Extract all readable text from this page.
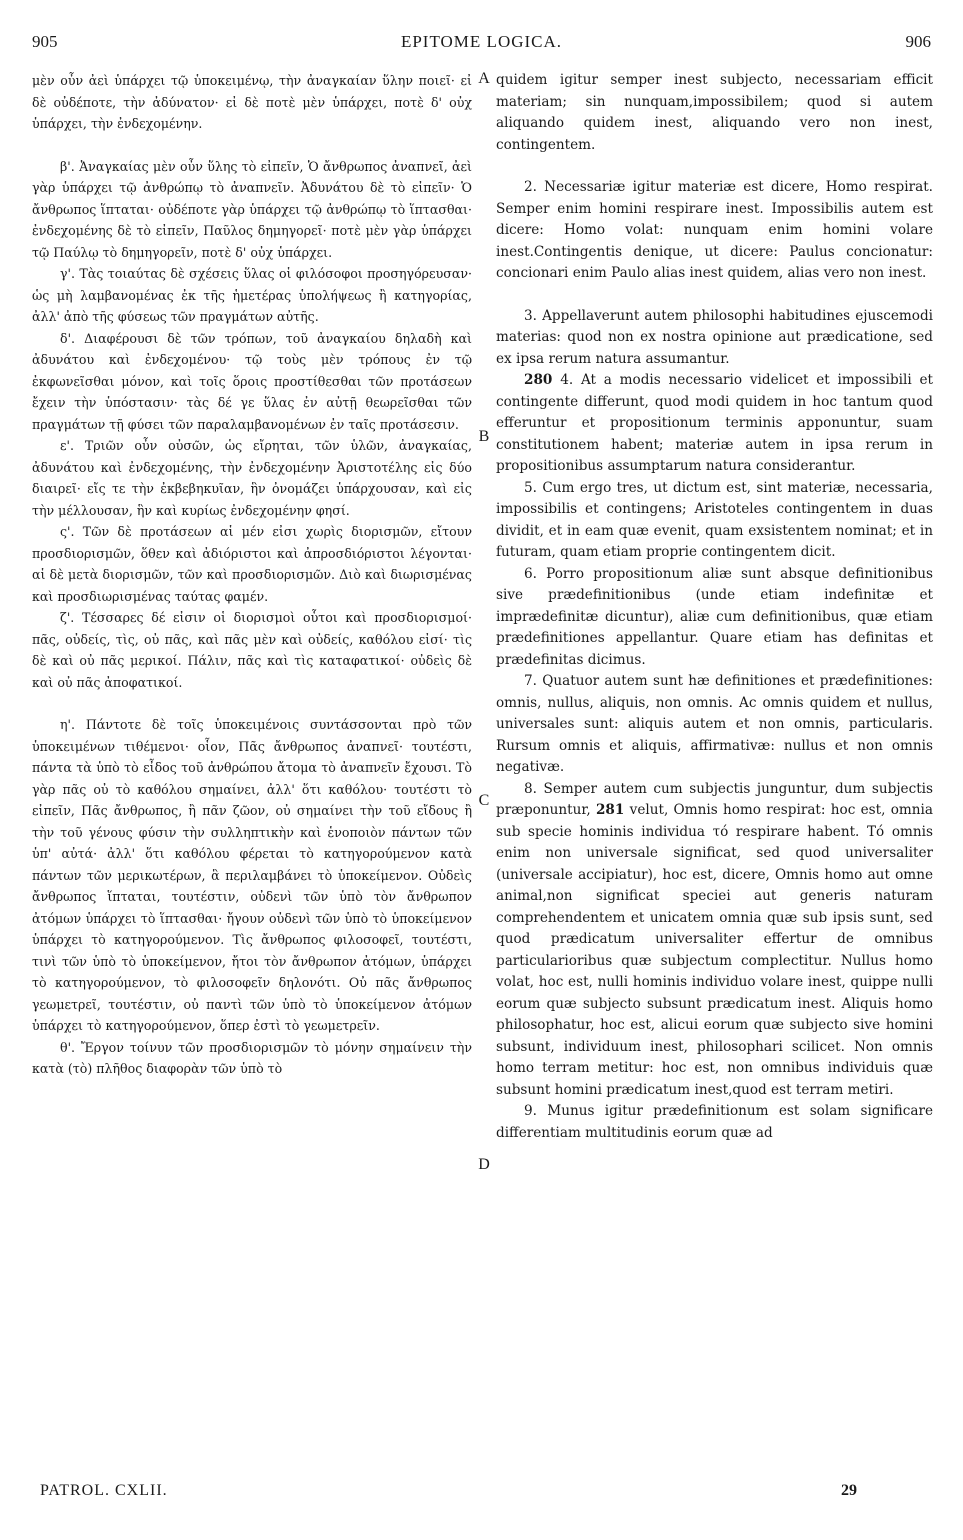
905	EPITOME LOGICA.	906

μὲν οὖν ἀεὶ ὑπάρχει τῷ ὑποκειμένῳ, τὴν ἀναγκαίαν ὕλην ποιεῖ· εἰ δὲ οὐδέποτε, τὴν ἀδύνατον· εἰ δὲ ποτὲ μὲν ὑπάρχει, ποτὲ δ' οὐχ ὑπάρχει, τὴν ἐνδεχομένην.

β'. Ἀναγκαίας μὲν οὖν ὕλης τὸ εἰπεῖν, Ὁ ἄνθρωπος ἀναπνεῖ, ἀεὶ γὰρ ὑπάρχει τῷ ἀνθρώπῳ τὸ ἀναπνεῖν. Ἀδυνάτου δὲ τὸ εἰπεῖν· Ὁ ἄνθρωπος ἵπταται· οὐδέποτε γὰρ ὑπάρχει τῷ ἀνθρώπῳ τὸ ἵπτασθαι· ἐνδεχομένης δὲ τὸ εἰπεῖν, Παῦλος δημηγορεῖ· ποτὲ μὲν γὰρ ὑπάρχει τῷ Παύλῳ τὸ δημηγορεῖν, ποτὲ δ' οὐχ ὑπάρχει.

γ'. Τὰς τοιαύτας δὲ σχέσεις ὕλας οἱ φιλόσοφοι προσηγόρευσαν· ὡς μὴ λαμβανομένας ἐκ τῆς ἡμετέρας ὑπολήψεως ἢ κατηγορίας, ἀλλ' ἀπὸ τῆς φύσεως τῶν πραγμάτων αὐτῆς.

δ'. Διαφέρουσι δὲ τῶν τρόπων, τοῦ ἀναγκαίου δηλαδὴ καὶ ἀδυνάτου καὶ ἐνδεχομένου· τῷ τοὺς μὲν τρόπους ἐν τῷ ἐκφωνεῖσθαι μόνον, καὶ τοῖς ὅροις προστίθεσθαι τῶν προτάσεων ἔχειν τὴν ὑπόστασιν· τὰς δέ γε ὕλας ἐν αὐτῇ θεωρεῖσθαι τῶν πραγμάτων τῇ φύσει τῶν παραλαμβανομένων ἐν ταῖς προτάσεσιν.

ε'. Τριῶν οὖν οὐσῶν, ὡς εἴρηται, τῶν ὑλῶν, ἀναγκαίας, ἀδυνάτου καὶ ἐνδεχομένης, τὴν ἐνδεχομένην Ἀριστοτέλης εἰς δύο διαιρεῖ· εἴς τε τὴν ἐκβεβηκυῖαν, ἣν ὀνομάζει ὑπάρχουσαν, καὶ εἰς τὴν μέλλουσαν, ἣν καὶ κυρίως ἐνδεχομένην φησί.

ς'. Τῶν δὲ προτάσεων αἱ μέν εἰσι χωρὶς διορισμῶν, εἴτουν προσδιορισμῶν, ὅθεν καὶ ἀδιόριστοι καὶ ἀπροσδιόριστοι λέγονται· αἱ δὲ μετὰ διορισμῶν, τῶν καὶ προσδιορισμῶν. Διὸ καὶ διωρισμένας καὶ προσδιωρισμένας ταύτας φαμέν.

ζ'. Τέσσαρες δέ εἰσιν οἱ διορισμοὶ οὗτοι καὶ προσδιορισμοί· πᾶς, οὐδείς, τὶς, οὐ πᾶς, καὶ πᾶς μὲν καὶ οὐδείς, καθόλου εἰσί· τὶς δὲ καὶ οὐ πᾶς μερικοί. Πάλιν, πᾶς καὶ τὶς καταφατικοί· οὐδεὶς δὲ καὶ οὐ πᾶς ἀποφατικοί.

η'. Πάντοτε δὲ τοῖς ὑποκειμένοις συντάσσονται πρὸ τῶν ὑποκειμένων τιθέμενοι· οἷον, Πᾶς ἄνθρωπος ἀναπνεῖ· τουτέστι, πάντα τὰ ὑπὸ τὸ εἶδος τοῦ ἀνθρώπου ἄτομα τὸ ἀναπνεῖν ἔχουσι. Τὸ γὰρ πᾶς οὐ τὸ καθόλου σημαίνει, ἀλλ' ὅτι καθόλου· τουτέστι τὸ εἰπεῖν, Πᾶς ἄνθρωπος, ἢ πᾶν ζῶον, οὐ σημαίνει τὴν τοῦ εἴδους ἢ τὴν τοῦ γένους φύσιν τὴν συλληπτικὴν καὶ ἑνοποιὸν πάντων τῶν ὑπ' αὐτά· ἀλλ' ὅτι καθόλου φέρεται τὸ κατηγορούμενον κατὰ πάντων τῶν μερικωτέρων, ἃ περιλαμβάνει τὸ ὑποκείμενον. Οὐδεὶς ἄνθρωπος ἵπταται, τουτέστιν, οὐδενὶ τῶν ὑπὸ τὸν ἄνθρωπον ἀτόμων ὑπάρχει τὸ ἵπτασθαι· ἤγουν οὐδενὶ τῶν ὑπὸ τὸ ὑποκείμενον ὑπάρχει τὸ κατηγορούμενον. Τὶς ἄνθρωπος φιλοσοφεῖ, τουτέστι, τινὶ τῶν ὑπὸ τὸ ὑποκείμενον, ἤτοι τὸν ἄνθρωπον ἀτόμων, ὑπάρχει τὸ κατηγορούμενον, τὸ φιλοσοφεῖν δηλονότι. Οὐ πᾶς ἄνθρωπος γεωμετρεῖ, τουτέστιν, οὐ παντὶ τῶν ὑπὸ τὸ ὑποκείμενον ἀτόμων ὑπάρχει τὸ κατηγορούμενον, ὅπερ ἐστὶ τὸ γεωμετρεῖν.

θ'. Ἔργον τοίνυν τῶν προσδιορισμῶν τὸ μόνην σημαίνειν τὴν κατὰ (τὸ) πλῆθος διαφορὰν τῶν ὑπὸ τὸ

A
B
C
D

quidem igitur semper inest subjecto, necessariam efficit materiam; sin nunquam,impossibilem; quod si autem aliquando quidem inest, aliquando vero non inest, contingentem.

2. Necessariæ igitur materiæ est dicere, Homo respirat. Semper enim homini respirare inest. Impossibilis autem est dicere: Homo volat: nunquam enim homini volare inest.Contingentis denique, ut dicere: Paulus concionatur: concionari enim Paulo alias inest quidem, alias vero non inest.

3. Appellaverunt autem philosophi habitudines ejuscemodi materias: quod non ex nostra opinione aut prædicatione, sed ex ipsa rerum natura assumantur.

280 4. At a modis necessario videlicet et impossibili et contingente differunt, quod modi quidem in hoc tantum quod efferuntur et propositionum terminis apponuntur, suam constitutionem habent; materiæ autem in ipsa rerum in propositionibus assumptarum natura considerantur.

5. Cum ergo tres, ut dictum est, sint materiæ, necessaria, impossibilis et contingens; Aristoteles contingentem in duas dividit, et in eam quæ evenit, quam exsistentem nominat; et in futuram, quam etiam proprie contingentem dicit.

6. Porro propositionum aliæ sunt absque definitionibus sive prædefinitionibus (unde etiam indefinitæ et imprædefinitæ dicuntur), aliæ cum definitionibus, quæ etiam prædefinitiones appellantur. Quare etiam has definitas et prædefinitas dicimus.

7. Quatuor autem sunt hæ definitiones et prædefinitiones: omnis, nullus, aliquis, non omnis. Ac omnis quidem et nullus, universales sunt: aliquis autem et non omnis, particularis. Rursum omnis et aliquis, affirmativæ: nullus et non omnis negativæ.

8. Semper autem cum subjectis junguntur, dum subjectis præponuntur, 281 velut, Omnis homo respirat: hoc est, omnia sub specie hominis individua τό respirare habent. Τό omnis enim non universale significat, sed quod universaliter (universale accipiatur), hoc est, dicere, Omnis homo aut omne animal,non significat speciei aut generis naturam comprehendentem et unicatem omnia quæ sub ipsis sunt, sed quod prædicatum universaliter effertur de omnibus particularioribus quæ subjectum complectitur. Nullus homo volat, hoc est, nulli hominis individuo volare inest, quippe nulli eorum quæ subjecto subsunt prædicatum inest. Aliquis homo philosophatur, hoc est, alicui eorum quæ subjecto sive homini subsunt, individuum inest, philosophari scilicet. Non omnis homo terram metitur: hoc est, non omnibus individuis quæ subsunt homini prædicatum inest,quod est terram metiri.

9. Munus igitur prædefinitionum est solam significare differentiam multitudinis eorum quæ ad

PATROL. CXLII.	29
